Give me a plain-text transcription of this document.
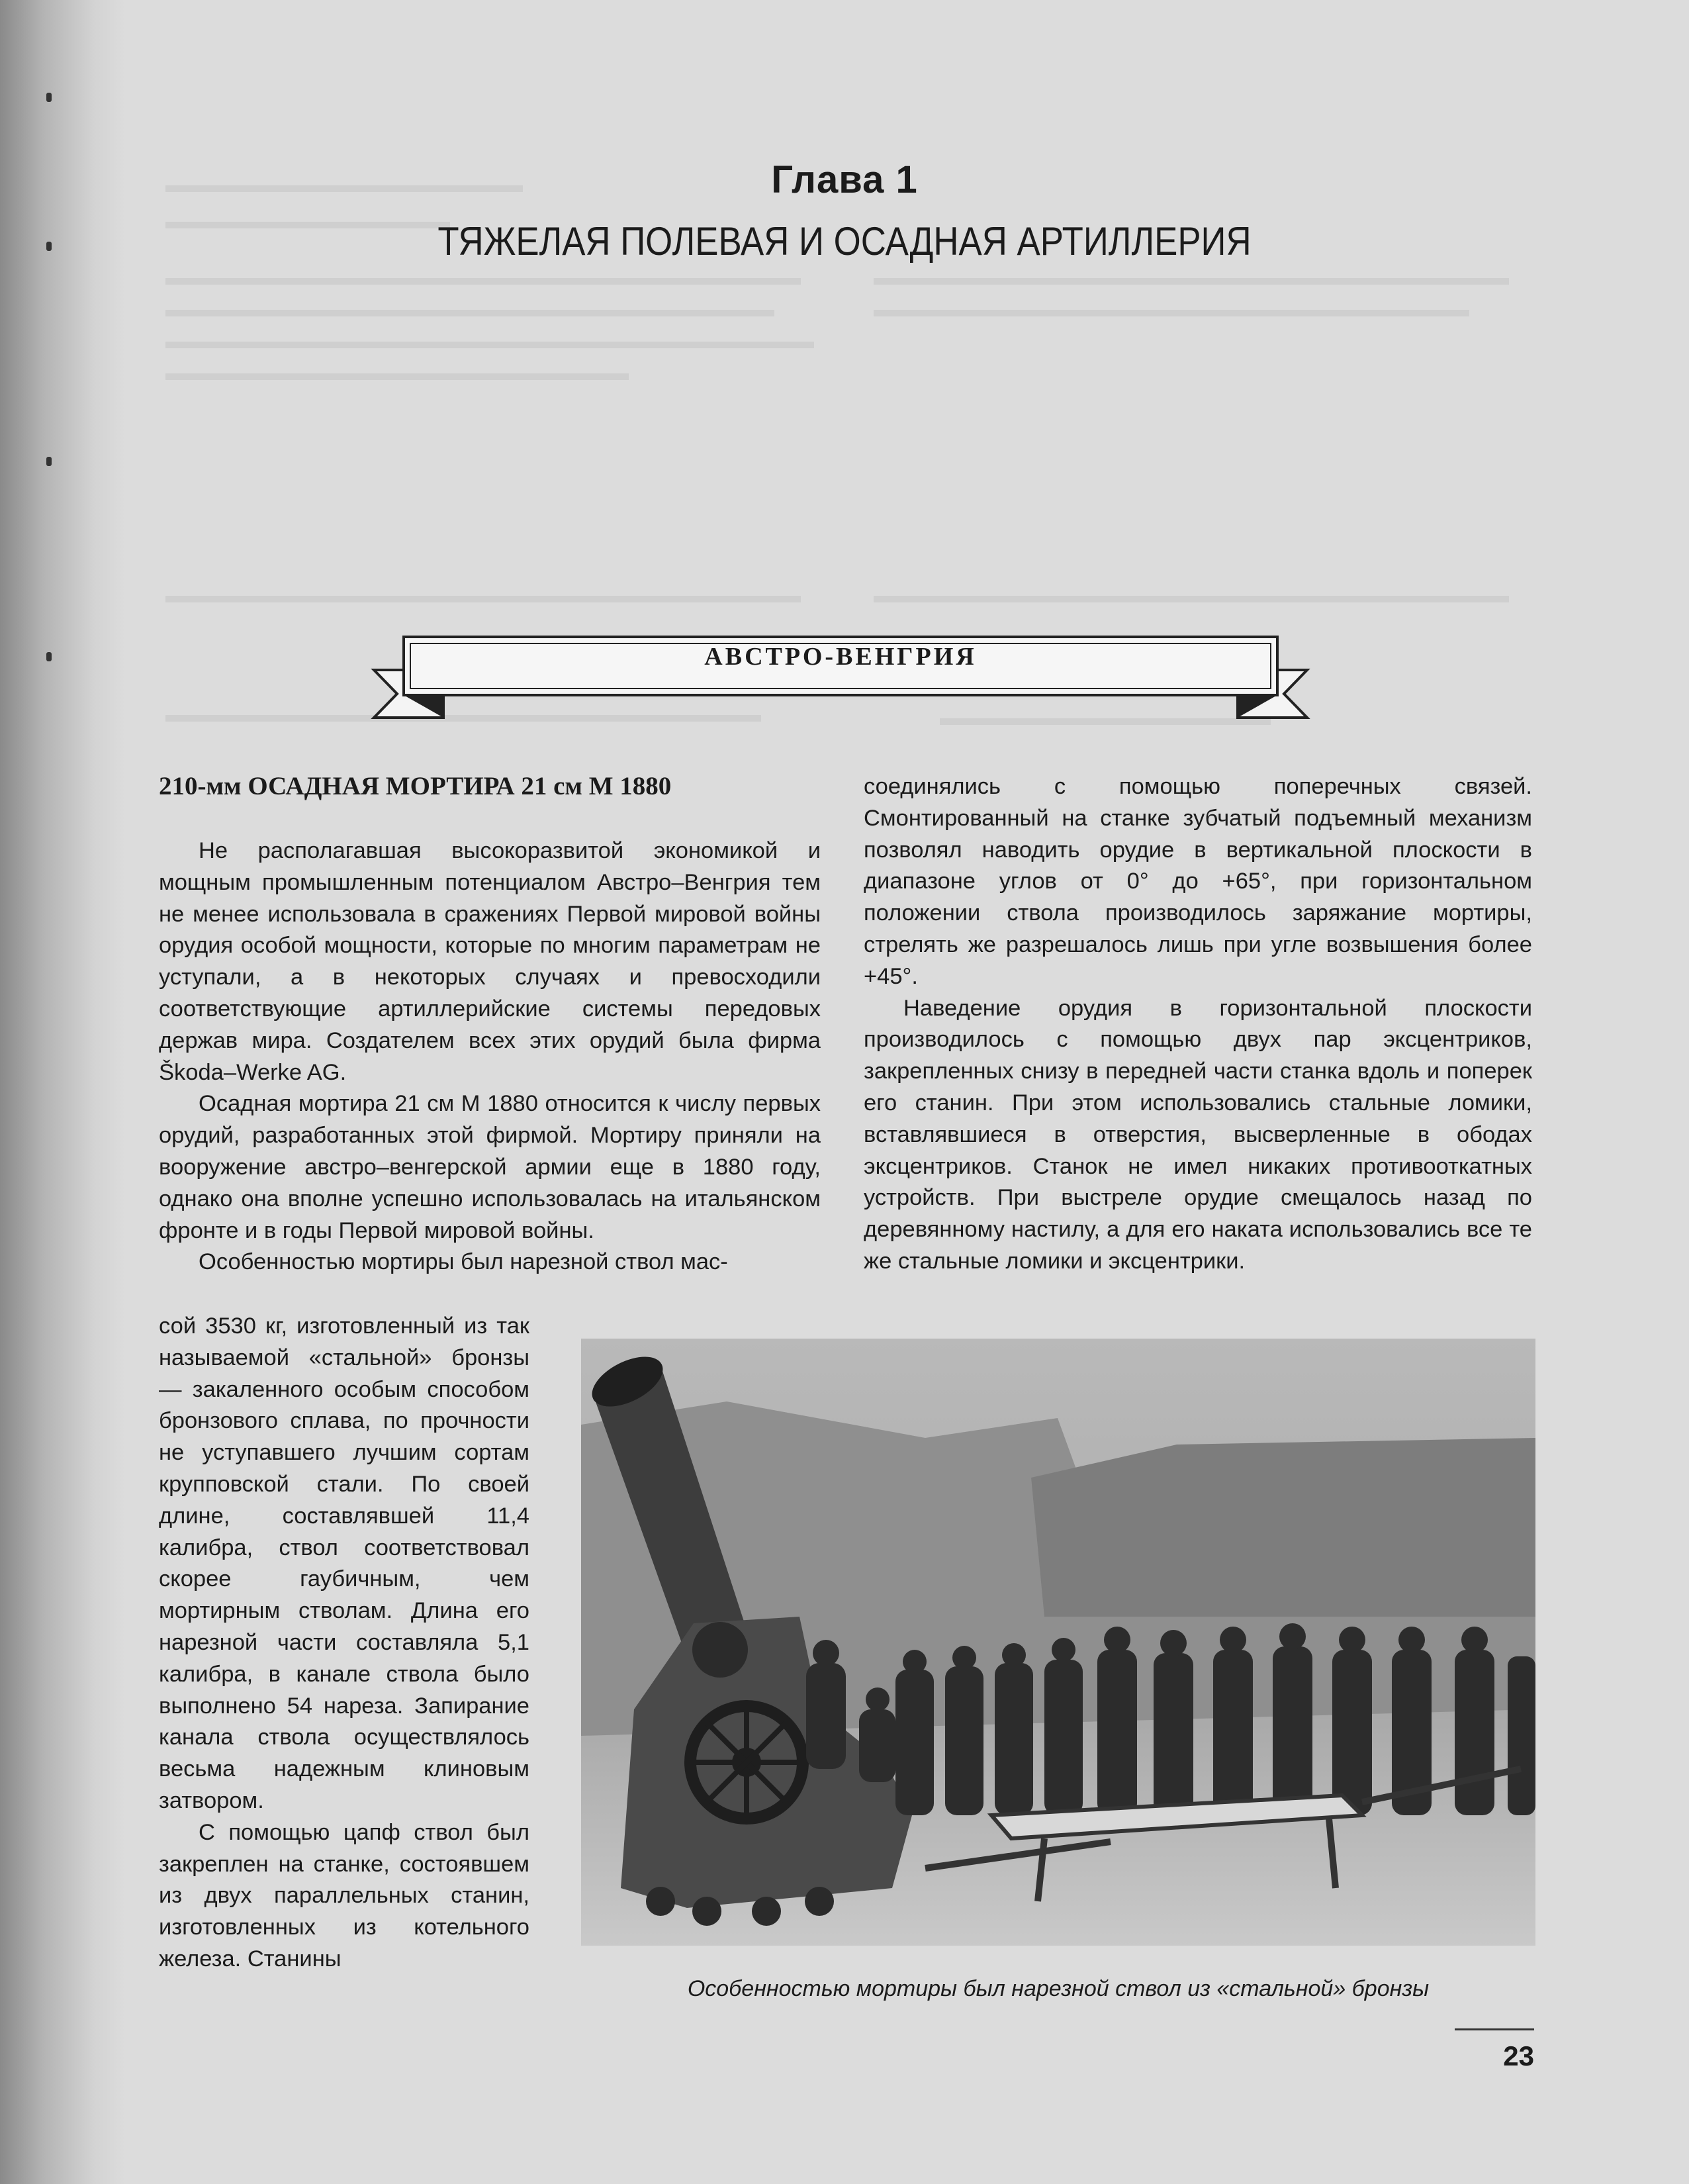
Глава 1
ТЯЖЕЛАЯ ПОЛЕВАЯ И ОСАДНАЯ АРТИЛЛЕРИЯ
АВСТРО-ВЕНГРИЯ
210-мм ОСАДНАЯ МОРТИРА 21 см М 1880

Не располагавшая высокоразвитой экономикой и мощным промышленным потенциалом Австро–Венгрия тем не менее использовала в сражениях Первой мировой войны орудия особой мощности, которые по многим параметрам не уступали, а в некоторых случаях и превосходили соответствующие артиллерийские системы передовых держав мира. Создателем всех этих орудий была фирма Škoda–Werke AG.

Осадная мортира 21 см М 1880 относится к числу первых орудий, разработанных этой фирмой. Мортиру приняли на вооружение австро–венгерской армии еще в 1880 году, однако она вполне успешно использовалась на итальянском фронте и в годы Первой мировой войны.

Особенностью мортиры был нарезной ствол мас-

сой 3530 кг, изготовленный из так называемой «стальной» бронзы — закаленного особым способом бронзового сплава, по прочности не уступавшего лучшим сортам крупповской стали. По своей длине, составлявшей 11,4 калибра, ствол соответствовал скорее гаубичным, чем мортирным стволам. Длина его нарезной части составляла 5,1 калибра, в канале ствола было выполнено 54 нареза. Запирание канала ствола осуществлялось весьма надежным клиновым затвором.

С помощью цапф ствол был закреплен на станке, состоявшем из двух параллельных станин, изготовленных из котельного железа. Станины

соединялись с помощью поперечных связей. Смонтированный на станке зубчатый подъемный механизм позволял наводить орудие в вертикальной плоскости в диапазоне углов от 0° до +65°, при горизонтальном положении ствола производилось заряжание мортиры, стрелять же разрешалось лишь при угле возвышения более +45°.

Наведение орудия в горизонтальной плоскости производилось с помощью двух пар эксцентриков, закрепленных снизу в передней части станка вдоль и поперек его станин. При этом использовались стальные ломики, вставлявшиеся в отверстия, высверленные в ободах эксцентриков. Станок не имел никаких противооткатных устройств. При выстреле орудие смещалось назад по деревянному настилу, а для его наката использовались все те же стальные ломики и эксцентрики.

Особенностью мортиры был нарезной ствол из «стальной» бронзы
23
